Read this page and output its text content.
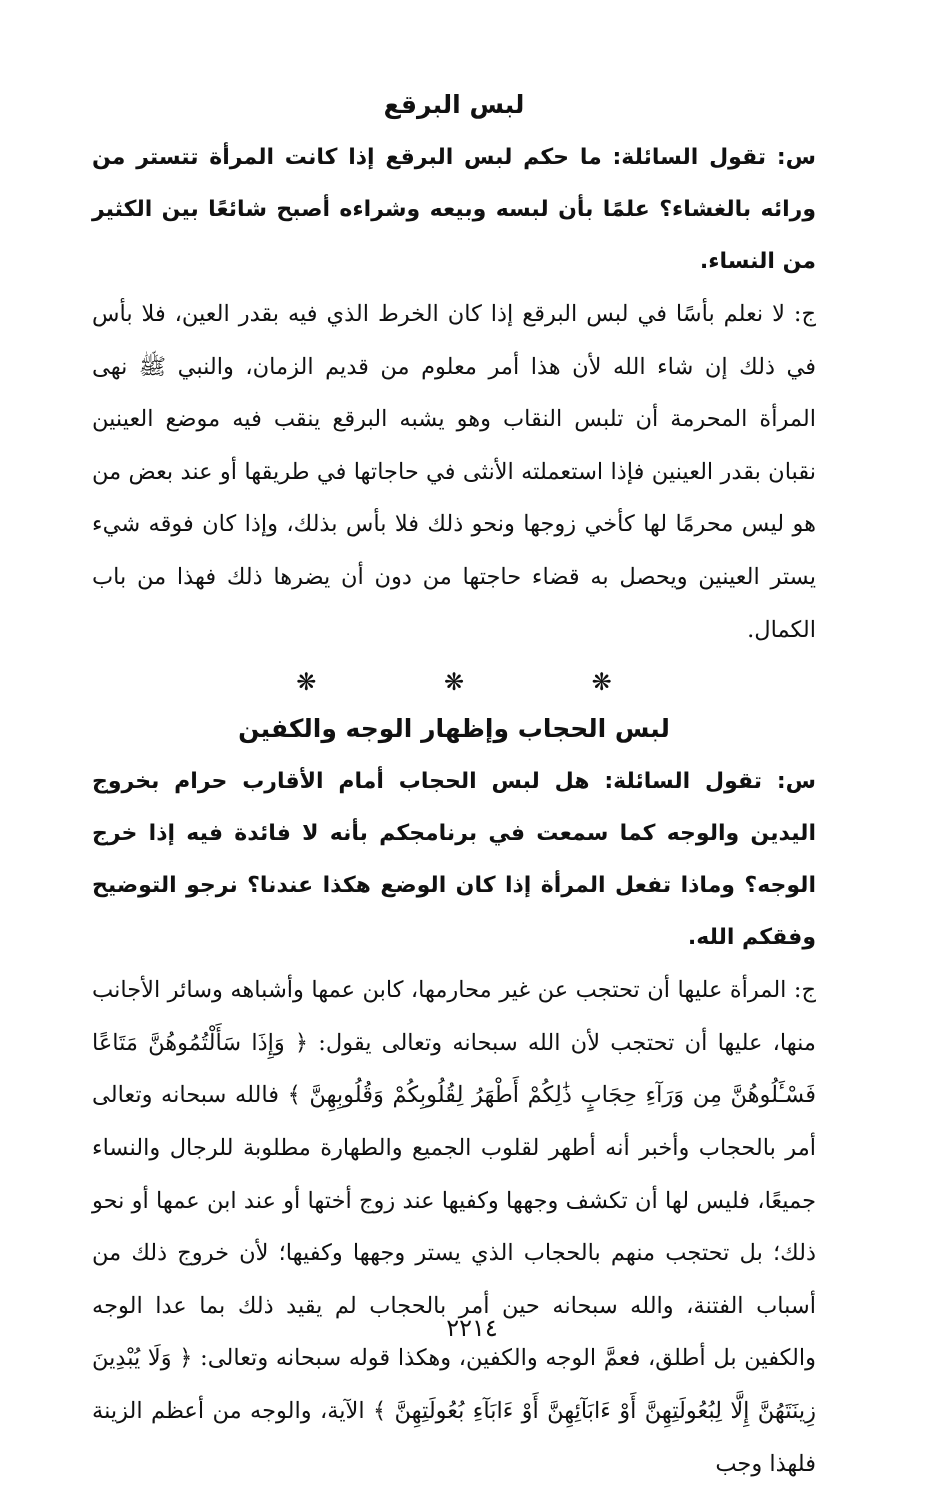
لبس البرقع

س: تقول السائلة: ما حكم لبس البرقع إذا كانت المرأة تتستر من ورائه بالغشاء؟ علمًا بأن لبسه وبيعه وشراءه أصبح شائعًا بين الكثير من النساء.

ج: لا نعلم بأسًا في لبس البرقع إذا كان الخرط الذي فيه بقدر العين، فلا بأس في ذلك إن شاء الله لأن هذا أمر معلوم من قديم الزمان، والنبي ﷺ نهى المرأة المحرمة أن تلبس النقاب وهو يشبه البرقع ينقب فيه موضع العينين نقبان بقدر العينين فإذا استعملته الأنثى في حاجاتها في طريقها أو عند بعض من هو ليس محرمًا لها كأخي زوجها ونحو ذلك فلا بأس بذلك، وإذا كان فوقه شيء يستر العينين ويحصل به قضاء حاجتها من دون أن يضرها ذلك فهذا من باب الكمال.

❋ ❋ ❋
لبس الحجاب وإظهار الوجه والكفين

س: تقول السائلة: هل لبس الحجاب أمام الأقارب حرام بخروج اليدين والوجه كما سمعت في برنامجكم بأنه لا فائدة فيه إذا خرج الوجه؟ وماذا تفعل المرأة إذا كان الوضع هكذا عندنا؟ نرجو التوضيح وفقكم الله.

ج: المرأة عليها أن تحتجب عن غير محارمها، كابن عمها وأشباهه وسائر الأجانب منها، عليها أن تحتجب لأن الله سبحانه وتعالى يقول: ﴿ وَإِذَا سَأَلْتُمُوهُنَّ مَتَاعًا فَسْـَٔلُوهُنَّ مِن وَرَآءِ حِجَابٍ ذَٰلِكُمْ أَطْهَرُ لِقُلُوبِكُمْ وَقُلُوبِهِنَّ ﴾ فالله سبحانه وتعالى أمر بالحجاب وأخبر أنه أطهر لقلوب الجميع والطهارة مطلوبة للرجال والنساء جميعًا، فليس لها أن تكشف وجهها وكفيها عند زوج أختها أو عند ابن عمها أو نحو ذلك؛ بل تحتجب منهم بالحجاب الذي يستر وجهها وكفيها؛ لأن خروج ذلك من أسباب الفتنة، والله سبحانه حين أمر بالحجاب لم يقيد ذلك بما عدا الوجه والكفين بل أطلق، فعمَّ الوجه والكفين، وهكذا قوله سبحانه وتعالى: ﴿ وَلَا يُبْدِينَ زِينَتَهُنَّ إِلَّا لِبُعُولَتِهِنَّ أَوْ ءَابَآئِهِنَّ أَوْ ءَابَآءِ بُعُولَتِهِنَّ ﴾ الآية، والوجه من أعظم الزينة فلهذا وجب

٢٢١٤
